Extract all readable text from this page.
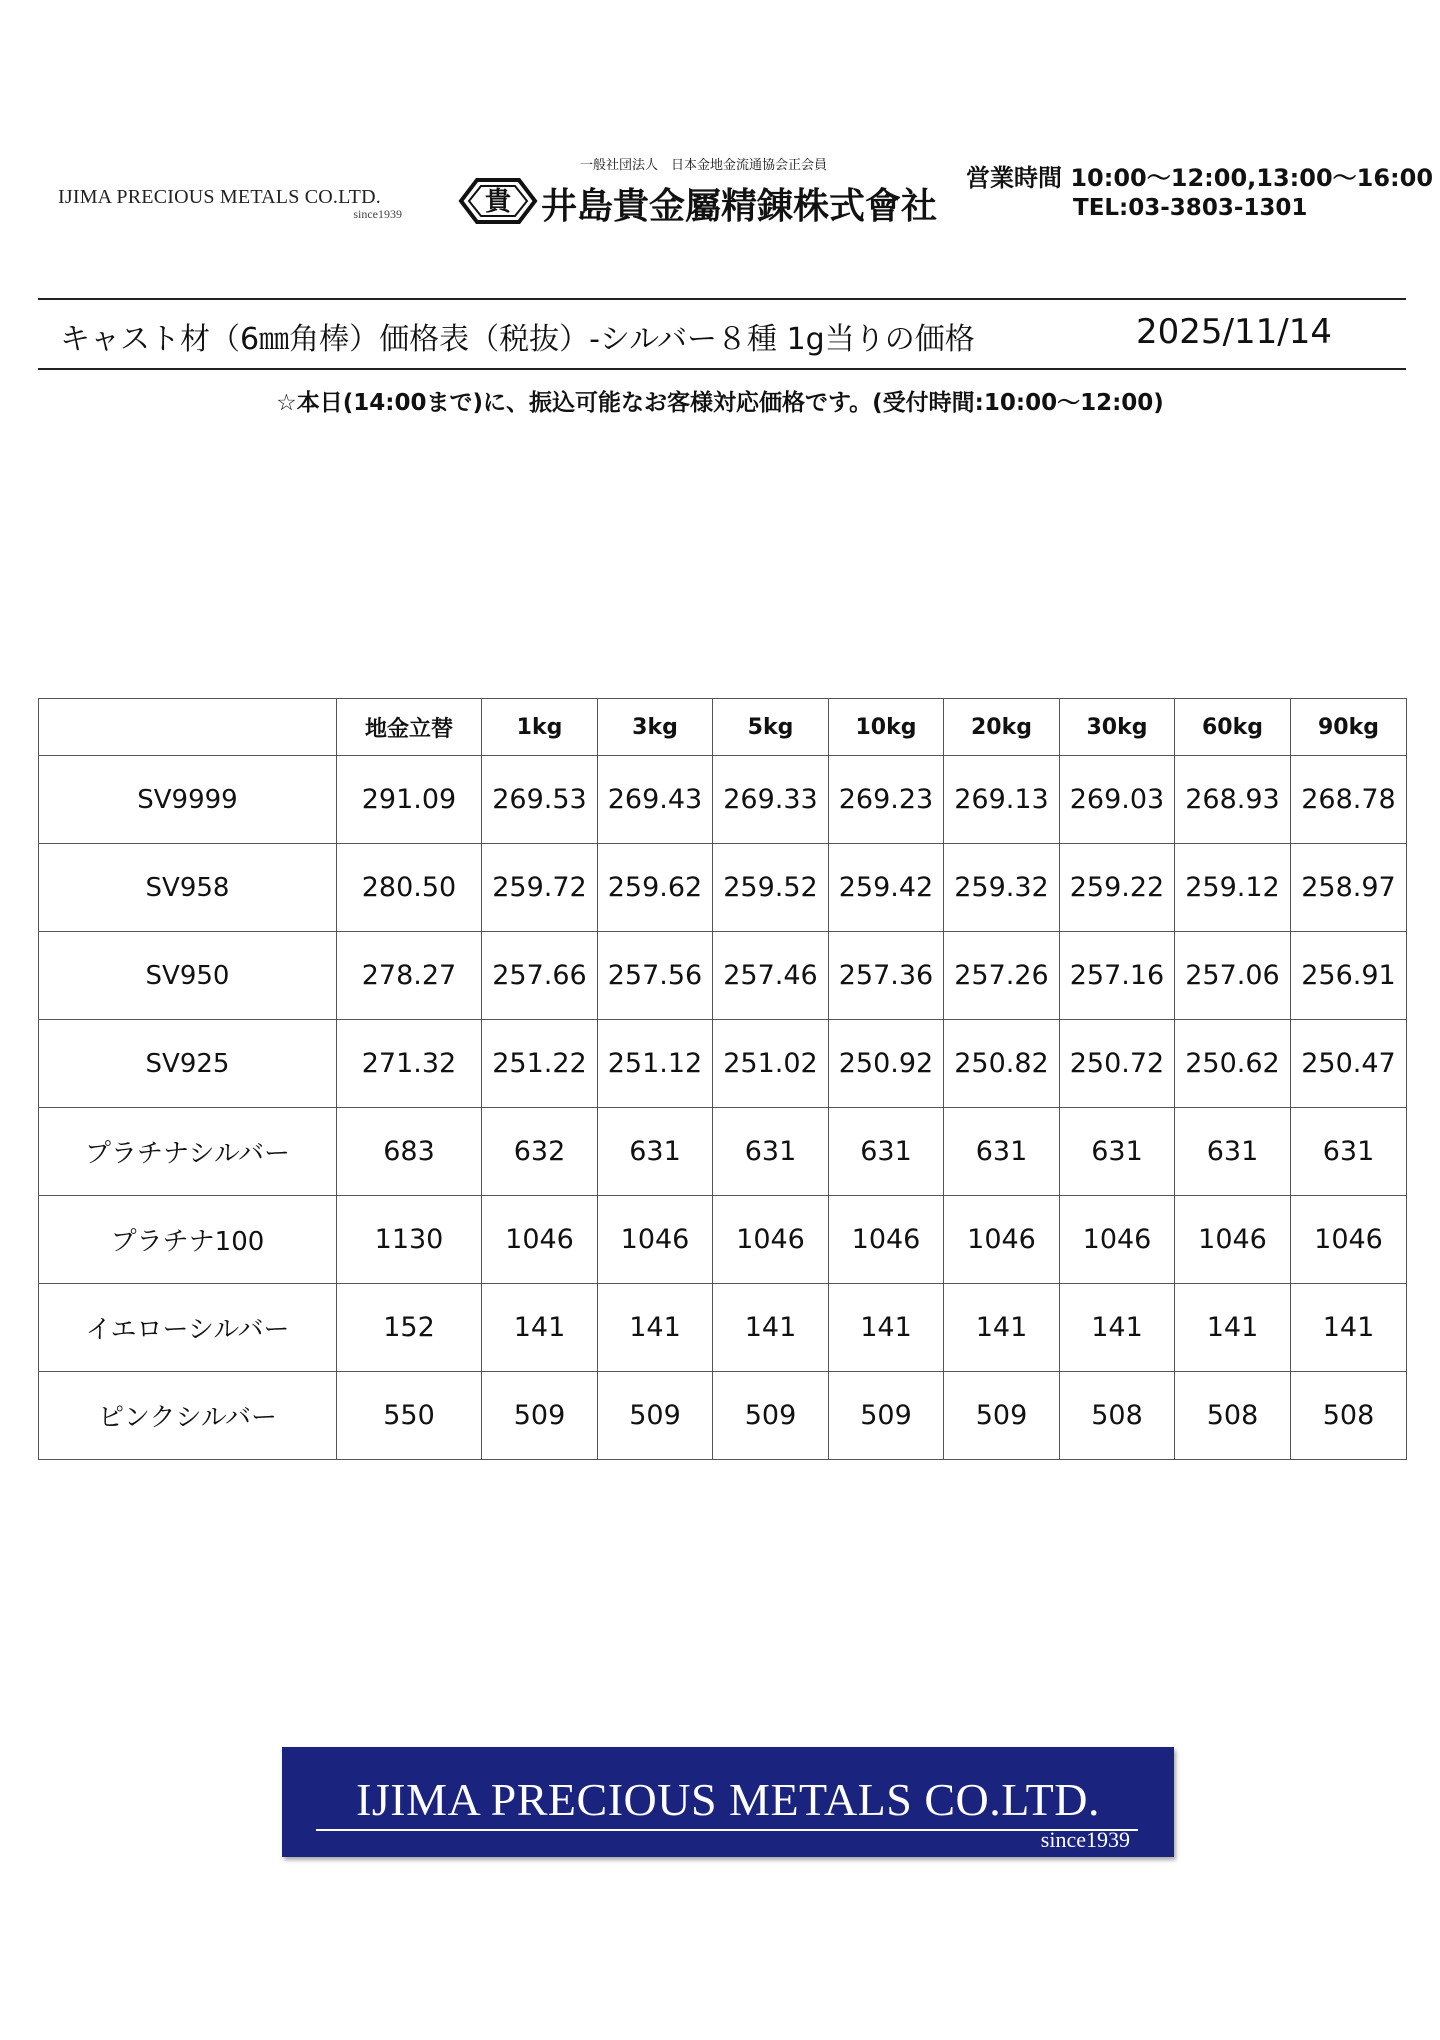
IJIMA PRECIOUS METALS CO.LTD.
since1939
一般社団法人　日本金地金流通協会正会員
貴 井島貴金屬精錬株式會社
営業時間 10:00～12:00,13:00～16:00
TEL:03-3803-1301
キャスト材（6㎜角棒）価格表（税抜）-シルバー８種 1g当りの価格	2025/11/14
☆本日(14:00まで)に、振込可能なお客様対応価格です。(受付時間:10:00～12:00)
	地金立替	1kg	3kg	5kg	10kg	20kg	30kg	60kg	90kg
SV9999	291.09	269.53	269.43	269.33	269.23	269.13	269.03	268.93	268.78
SV958	280.50	259.72	259.62	259.52	259.42	259.32	259.22	259.12	258.97
SV950	278.27	257.66	257.56	257.46	257.36	257.26	257.16	257.06	256.91
SV925	271.32	251.22	251.12	251.02	250.92	250.82	250.72	250.62	250.47
プラチナシルバー	683	632	631	631	631	631	631	631	631
プラチナ100	1130	1046	1046	1046	1046	1046	1046	1046	1046
イエローシルバー	152	141	141	141	141	141	141	141	141
ピンクシルバー	550	509	509	509	509	509	508	508	508
IJIMA PRECIOUS METALS CO.LTD.
since1939
